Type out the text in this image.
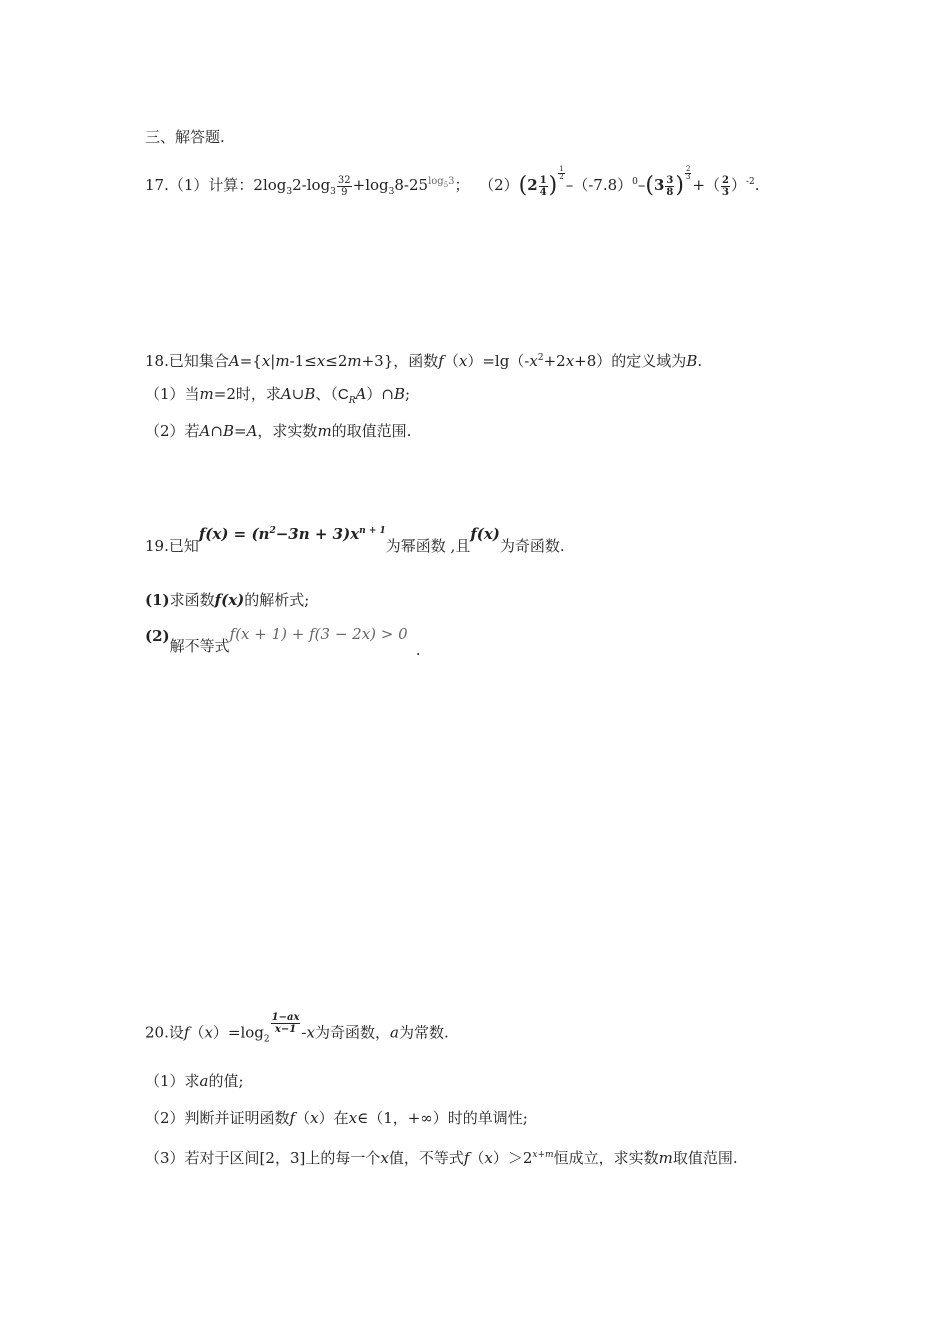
三、解答题.
17.（1）计算：$2\log_32-\log_3 \frac{32}{9} +\log_38-25^{log_53}$； $(2)(2 \frac{1}{4}$ ) $^{\frac{1}{2}}$
$-(-7.8)^0-(3 \frac{3}{8}$ ) $^{\frac{2}{3}}$
+（ $\frac{2}{3} )^{-2}$.
18.已知集合A={x|m-1≤x≤2m+3}，函数$f(x)=\lg(-x^2+2x+8)$的定义域为B.
（1）当m=2时，求A∪B、$(C_RA)\cap B$;
（2）若A∩B=A，求实数m的取值范围.
19.已知$f(x) = (n^2-3n + 3)x^{n + 1}$为幂函数 ,且f(x)为奇函数.
(1)求函数f(x)的解析式;
(2)解不等式f(x + 1) + f(3 − 2x) > 0.
20.设$f(x)=\log_2$
$\frac{1-ax}{x-1} -x$为奇函数，a为常数.
（1）求a的值;
（2）判断并证明函数f（x）在x∈（1，+∞）时的单调性;
（3）若对于区间[2，3]上的每一个x值，不等式$f(x)>2^{x+m}$恒成立，求实数m取值范围.
